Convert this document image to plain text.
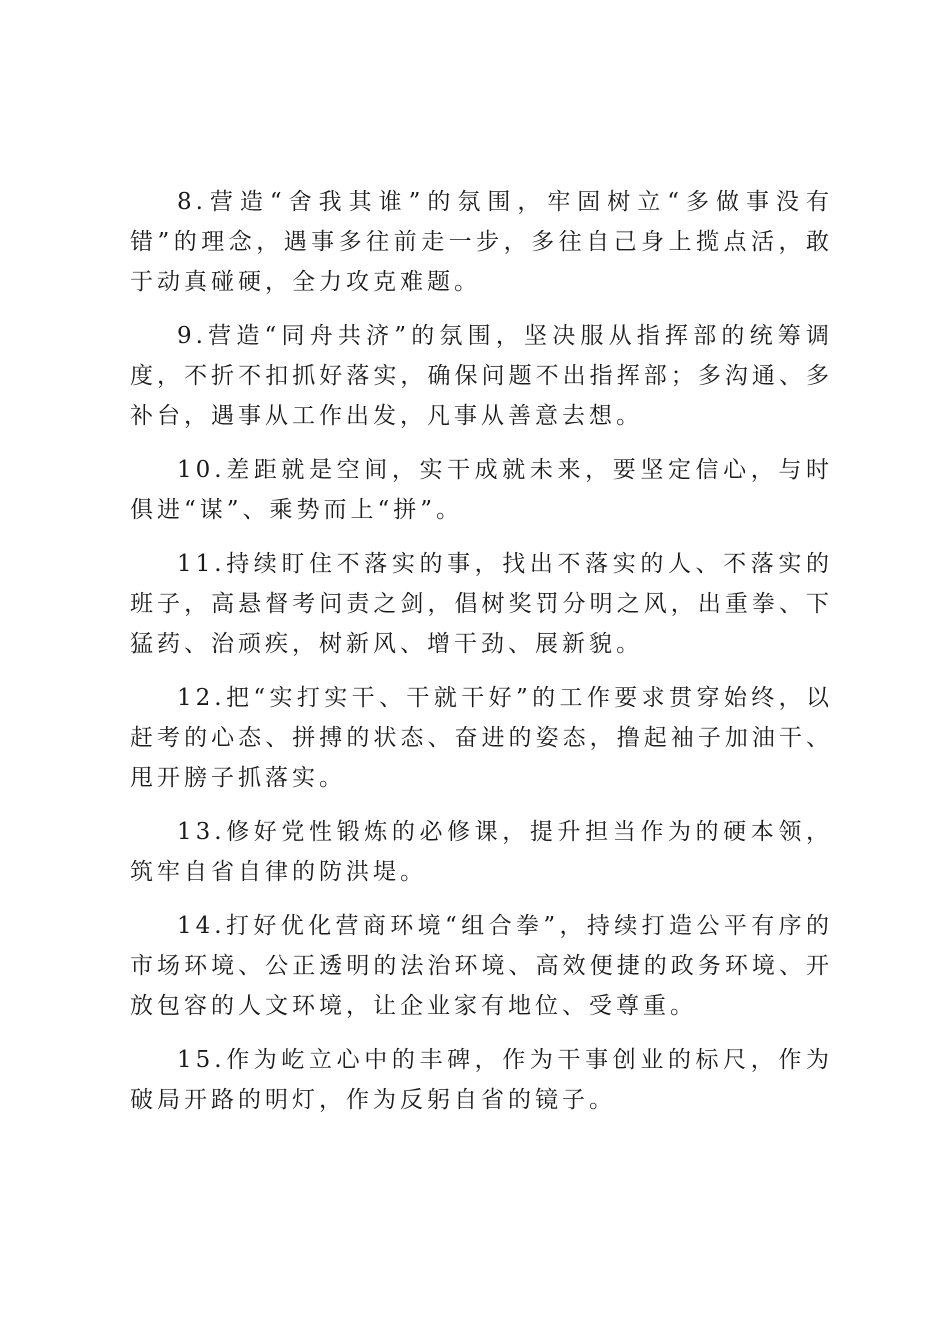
8.营造“舍我其谁”的氛围，牢固树立“多做事没有错”的理念，遇事多往前走一步，多往自己身上揽点活，敢于动真碰硬，全力攻克难题。

9.营造“同舟共济”的氛围，坚决服从指挥部的统筹调度，不折不扣抓好落实，确保问题不出指挥部；多沟通、多补台，遇事从工作出发，凡事从善意去想。

10.差距就是空间，实干成就未来，要坚定信心，与时俱进“谋”、乘势而上“拼”。

11.持续盯住不落实的事，找出不落实的人、不落实的班子，高悬督考问责之剑，倡树奖罚分明之风，出重拳、下猛药、治顽疾，树新风、增干劲、展新貌。

12.把“实打实干、干就干好”的工作要求贯穿始终，以赶考的心态、拼搏的状态、奋进的姿态，撸起袖子加油干、甩开膀子抓落实。

13.修好党性锻炼的必修课，提升担当作为的硬本领，筑牢自省自律的防洪堤。

14.打好优化营商环境“组合拳”，持续打造公平有序的市场环境、公正透明的法治环境、高效便捷的政务环境、开放包容的人文环境，让企业家有地位、受尊重。

15.作为屹立心中的丰碑，作为干事创业的标尺，作为破局开路的明灯，作为反躬自省的镜子。
